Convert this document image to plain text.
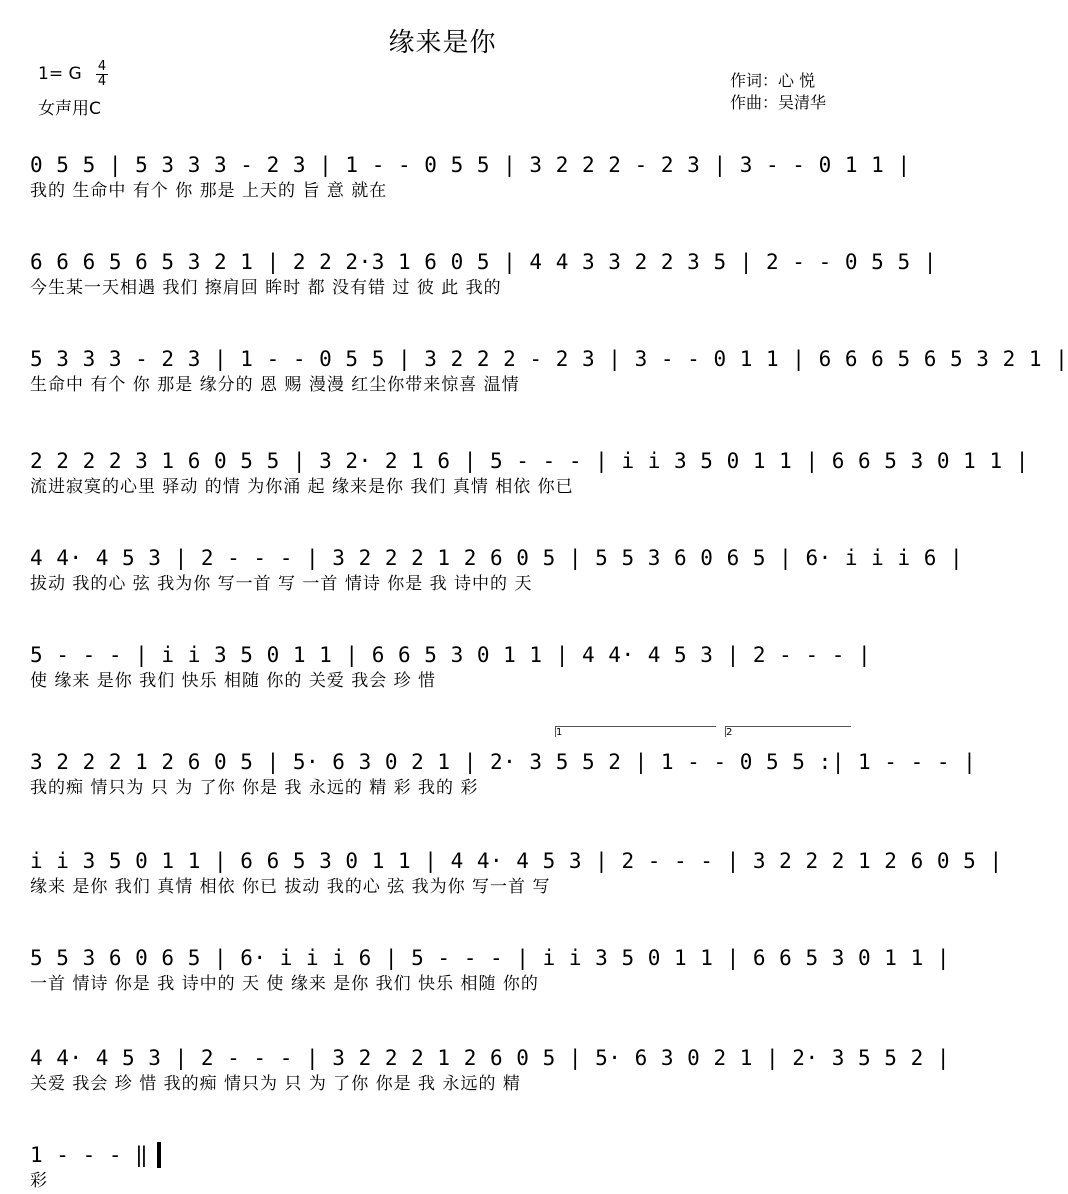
缘来是你
1= G 4
4
女声用C
作词：心 悦
作曲：吴清华
0 5 5 | 5 3 3 3 - 2 3 | 1 - - 0 5 5 | 3 2 2 2 - 2 3 | 3 - - 0 1 1 |
我的 生命中 有个 你 那是 上天的 旨 意 就在
6 6 6 5 6 5 3 2 1 | 2 2 2·3 1 6 0 5 | 4 4 3 3 2 2 3 5 | 2 - - 0 5 5 |
今生某一天相遇 我们 擦肩回 眸时 都 没有错 过 彼 此 我的
5 3 3 3 - 2 3 | 1 - - 0 5 5 | 3 2 2 2 - 2 3 | 3 - - 0 1 1 | 6 6 6 5 6 5 3 2 1 |
生命中 有个 你 那是 缘分的 恩 赐 漫漫 红尘你带来惊喜 温情
2 2 2 2 3 1 6 0 5 5 | 3 2· 2 1 6 | 5 - - - | i i 3 5 0 1 1 | 6 6 5 3 0 1 1 |
流进寂寞的心里 驿动 的情 为你涌 起 缘来是你 我们 真情 相依 你已
4 4· 4 5 3 | 2 - - - | 3 2 2 2 1 2 6 0 5 | 5 5 3 6 0 6 5 | 6· i i i 6 |
拔动 我的心 弦 我为你 写一首 写 一首 情诗 你是 我 诗中的 天
5 - - - | i i 3 5 0 1 1 | 6 6 5 3 0 1 1 | 4 4· 4 5 3 | 2 - - - |
使 缘来 是你 我们 快乐 相随 你的 关爱 我会 珍 惜
3 2 2 2 1 2 6 0 5 | 5· 6 3 0 2 1 | 2· 3 5 5 2 | 1 - - 0 5 5 :| 1 - - - |
我的痴 情只为 只 为 了你 你是 我 永远的 精 彩 我的 彩
i i 3 5 0 1 1 | 6 6 5 3 0 1 1 | 4 4· 4 5 3 | 2 - - - | 3 2 2 2 1 2 6 0 5 |
缘来 是你 我们 真情 相依 你已 拔动 我的心 弦 我为你 写一首 写
5 5 3 6 0 6 5 | 6· i i i 6 | 5 - - - | i i 3 5 0 1 1 | 6 6 5 3 0 1 1 |
一首 情诗 你是 我 诗中的 天 使 缘来 是你 我们 快乐 相随 你的
4 4· 4 5 3 | 2 - - - | 3 2 2 2 1 2 6 0 5 | 5· 6 3 0 2 1 | 2· 3 5 5 2 |
关爱 我会 珍 惜 我的痴 情只为 只 为 了你 你是 我 永远的 精
1 - - - ‖
彩
1	2
